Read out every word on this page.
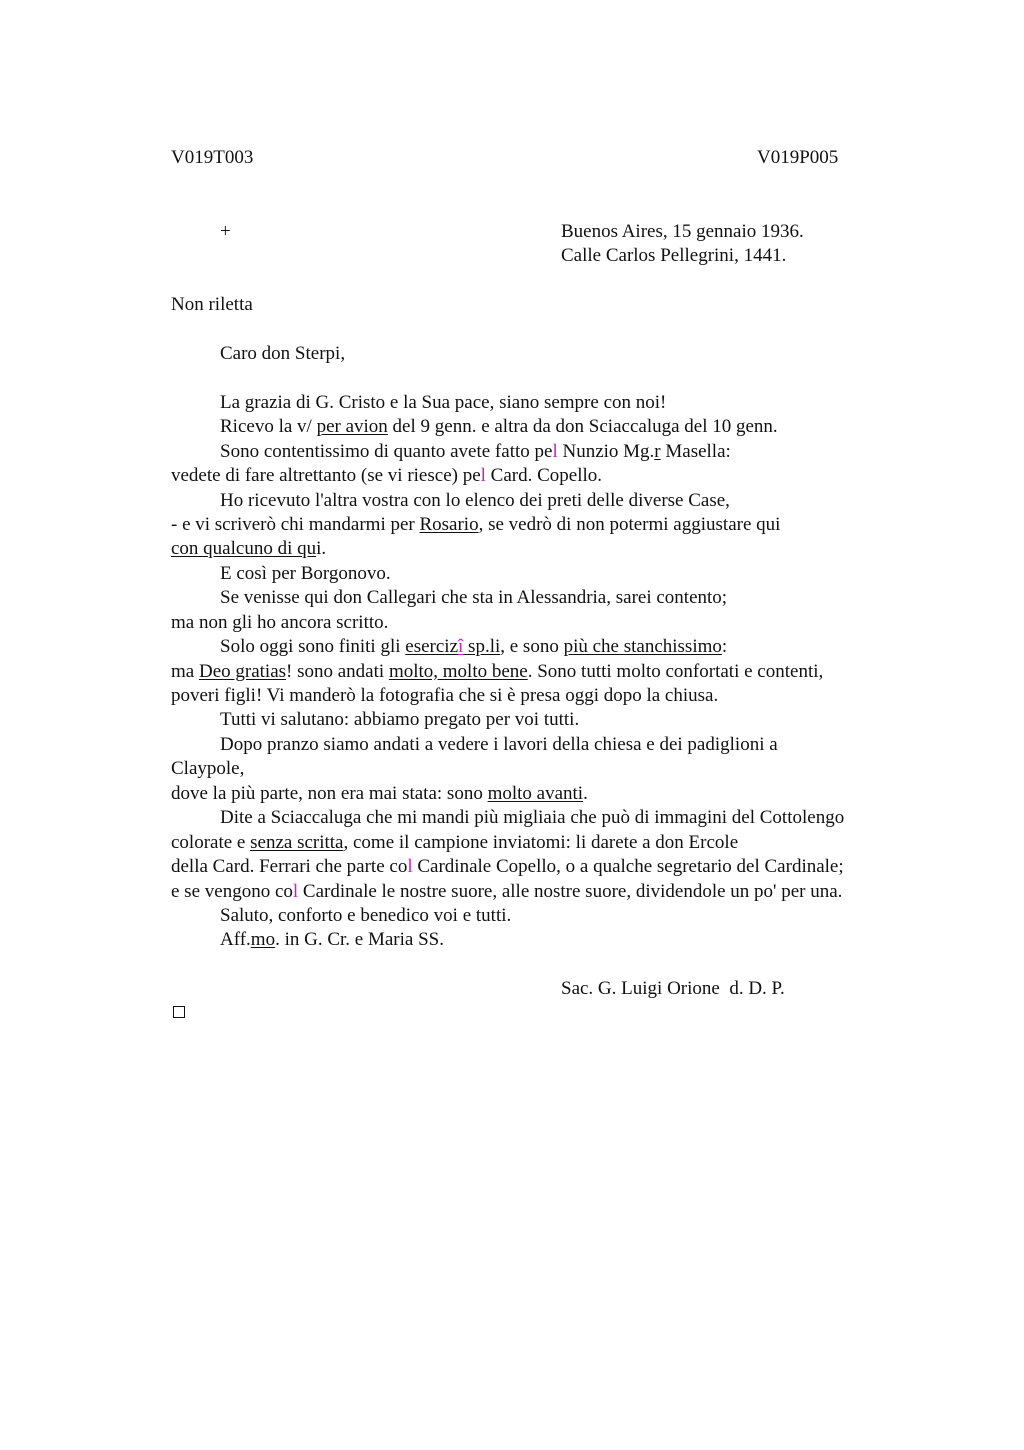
V019T003	V019P005
+	Buenos Aires, 15 gennaio 1936.
Calle Carlos Pellegrini, 1441.
Non riletta
Caro don Sterpi,
La grazia di G. Cristo e la Sua pace, siano sempre con noi!
Ricevo la v/ per avion del 9 genn. e altra da don Sciaccaluga del 10 genn.
Sono contentissimo di quanto avete fatto pel Nunzio Mg.r Masella:
vedete di fare altrettanto (se vi riesce) pel Card. Copello.
Ho ricevuto l'altra vostra con lo elenco dei preti delle diverse Case,
- e vi scriverò chi mandarmi per Rosario, se vedrò di non potermi aggiustare qui
con qualcuno di qui.
E così per Borgonovo.
Se venisse qui don Callegari che sta in Alessandria, sarei contento;
ma non gli ho ancora scritto.
Solo oggi sono finiti gli esercizî sp.li, e sono più che stanchissimo:
ma Deo gratias! sono andati molto, molto bene. Sono tutti molto confortati e contenti,
poveri figli! Vi manderò la fotografia che si è presa oggi dopo la chiusa.
Tutti vi salutano: abbiamo pregato per voi tutti.
Dopo pranzo siamo andati a vedere i lavori della chiesa e dei padiglioni a
Claypole,
dove la più parte, non era mai stata: sono molto avanti.
Dite a Sciaccaluga che mi mandi più migliaia che può di immagini del Cottolengo
colorate e senza scritta, come il campione inviatomi: li darete a don Ercole
della Card. Ferrari che parte col Cardinale Copello, o a qualche segretario del Cardinale;
e se vengono col Cardinale le nostre suore, alle nostre suore, dividendole un po' per una.
Saluto, conforto e benedico voi e tutti.
Aff.mo. in G. Cr. e Maria SS.
Sac. G. Luigi Orione  d. D. P.
